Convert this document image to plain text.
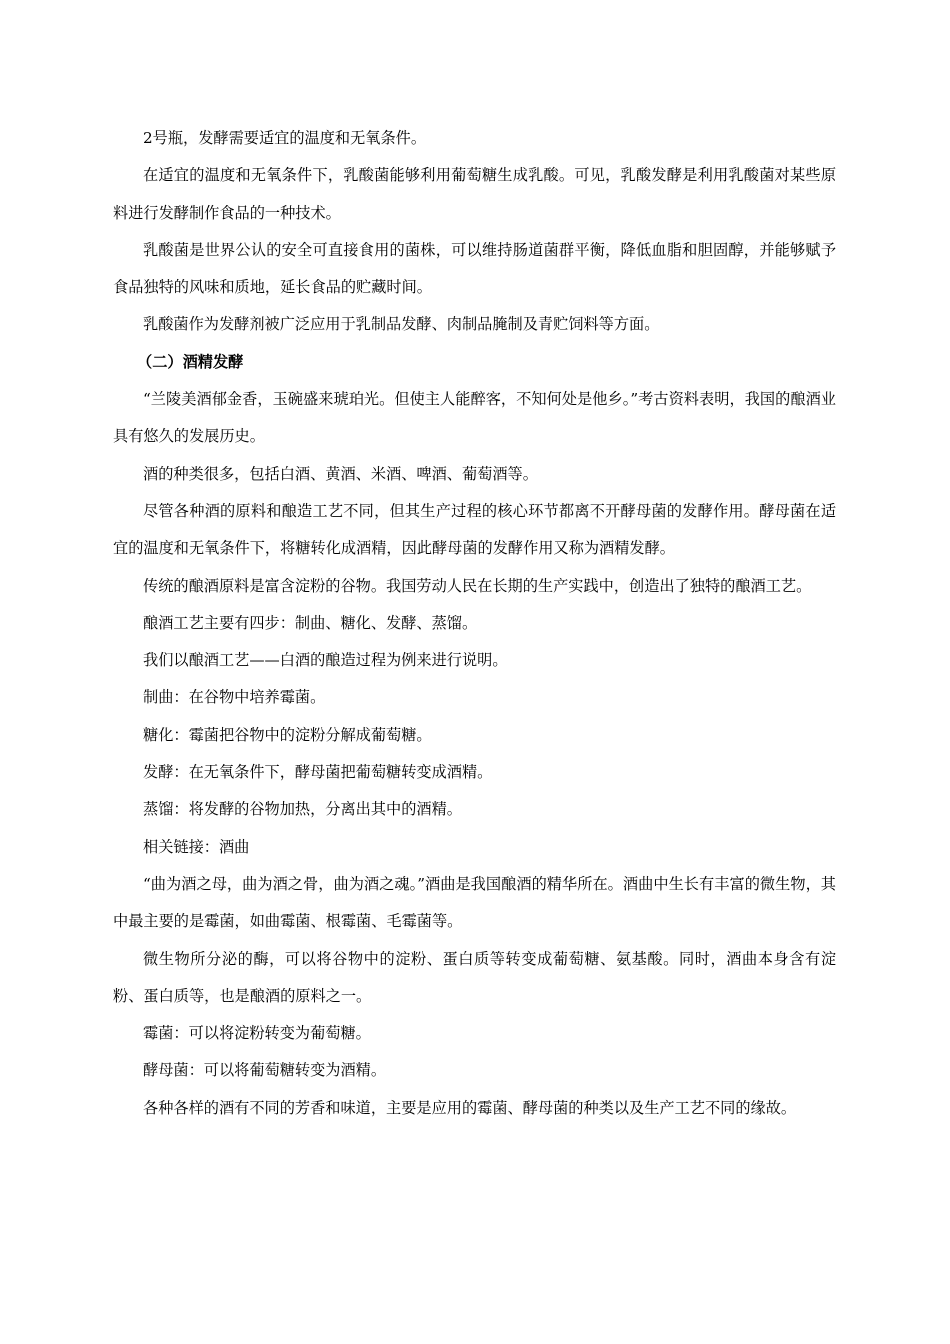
2号瓶，发酵需要适宜的温度和无氧条件。

在适宜的温度和无氧条件下，乳酸菌能够利用葡萄糖生成乳酸。可见，乳酸发酵是利用乳酸菌对某些原料进行发酵制作食品的一种技术。

乳酸菌是世界公认的安全可直接食用的菌株，可以维持肠道菌群平衡，降低血脂和胆固醇，并能够赋予食品独特的风味和质地，延长食品的贮藏时间。

乳酸菌作为发酵剂被广泛应用于乳制品发酵、肉制品腌制及青贮饲料等方面。

（二）酒精发酵

“兰陵美酒郁金香，玉碗盛来琥珀光。但使主人能醉客，不知何处是他乡。”考古资料表明，我国的酿酒业具有悠久的发展历史。

酒的种类很多，包括白酒、黄酒、米酒、啤酒、葡萄酒等。

尽管各种酒的原料和酿造工艺不同，但其生产过程的核心环节都离不开酵母菌的发酵作用。酵母菌在适宜的温度和无氧条件下，将糖转化成酒精，因此酵母菌的发酵作用又称为酒精发酵。

传统的酿酒原料是富含淀粉的谷物。我国劳动人民在长期的生产实践中，创造出了独特的酿酒工艺。

酿酒工艺主要有四步：制曲、糖化、发酵、蒸馏。

我们以酿酒工艺——白酒的酿造过程为例来进行说明。

制曲：在谷物中培养霉菌。

糖化：霉菌把谷物中的淀粉分解成葡萄糖。

发酵：在无氧条件下，酵母菌把葡萄糖转变成酒精。

蒸馏：将发酵的谷物加热，分离出其中的酒精。

相关链接：酒曲

“曲为酒之母，曲为酒之骨，曲为酒之魂。”酒曲是我国酿酒的精华所在。酒曲中生长有丰富的微生物，其中最主要的是霉菌，如曲霉菌、根霉菌、毛霉菌等。

微生物所分泌的酶，可以将谷物中的淀粉、蛋白质等转变成葡萄糖、氨基酸。同时，酒曲本身含有淀粉、蛋白质等，也是酿酒的原料之一。

霉菌：可以将淀粉转变为葡萄糖。

酵母菌：可以将葡萄糖转变为酒精。

各种各样的酒有不同的芳香和味道，主要是应用的霉菌、酵母菌的种类以及生产工艺不同的缘故。
